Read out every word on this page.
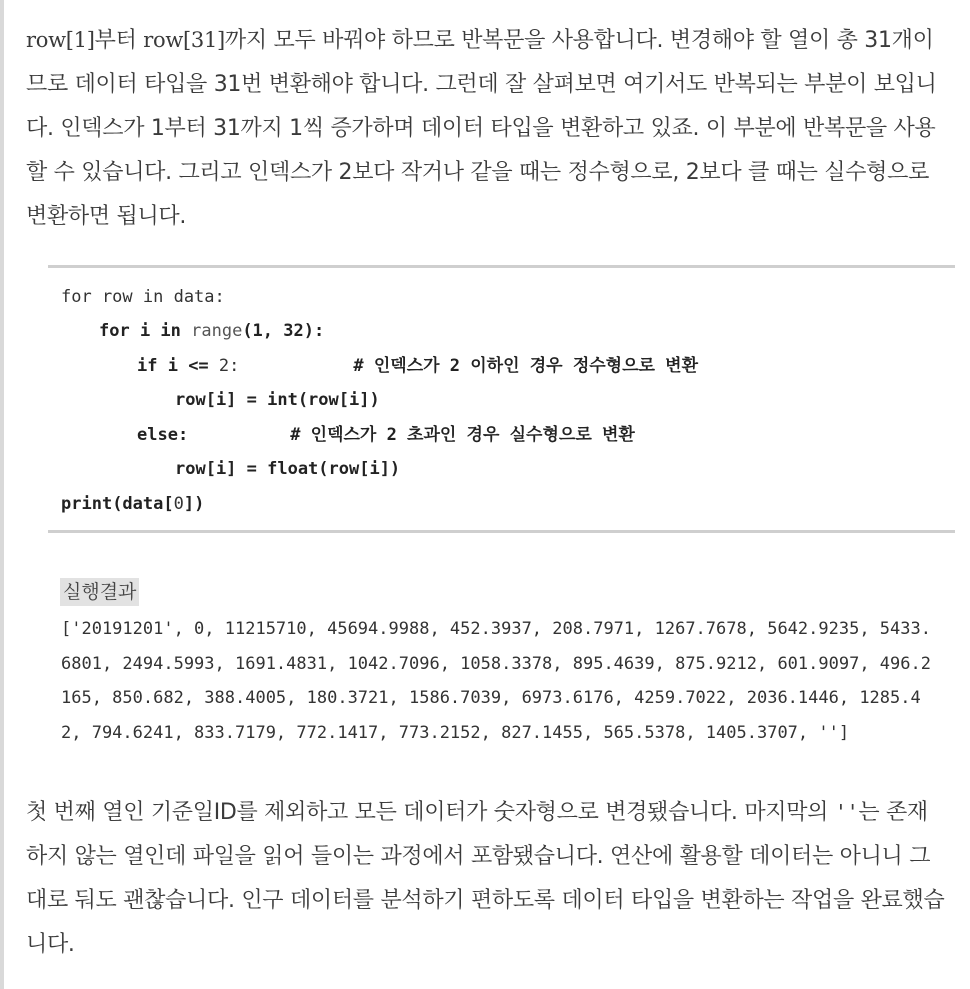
row[1]부터 row[31]까지 모두 바꿔야 하므로 반복문을 사용합니다. 변경해야 할 열이 총 31개이므로 데이터 타입을 31번 변환해야 합니다. 그런데 잘 살펴보면 여기서도 반복되는 부분이 보입니다. 인덱스가 1부터 31까지 1씩 증가하며 데이터 타입을 변환하고 있죠. 이 부분에 반복문을 사용할 수 있습니다. 그리고 인덱스가 2보다 작거나 같을 때는 정수형으로, 2보다 클 때는 실수형으로 변환하면 됩니다.

for row in data:
for i in range(1, 32):
if i <= 2:	# 인덱스가 2 이하인 경우 정수형으로 변환
row[i] = int(row[i])
else:	# 인덱스가 2 초과인 경우 실수형으로 변환
row[i] = float(row[i])
print(data[0])
실행결과
['20191201', 0, 11215710, 45694.9988, 452.3937, 208.7971, 1267.7678, 5642.9235, 5433.6801, 2494.5993, 1691.4831, 1042.7096, 1058.3378, 895.4639, 875.9212, 601.9097, 496.2165, 850.682, 388.4005, 180.3721, 1586.7039, 6973.6176, 4259.7022, 2036.1446, 1285.42, 794.6241, 833.7179, 772.1417, 773.2152, 827.1455, 565.5378, 1405.3707, '']

첫 번째 열인 기준일ID를 제외하고 모든 데이터가 숫자형으로 변경됐습니다. 마지막의 ''는 존재하지 않는 열인데 파일을 읽어 들이는 과정에서 포함됐습니다. 연산에 활용할 데이터는 아니니 그대로 둬도 괜찮습니다. 인구 데이터를 분석하기 편하도록 데이터 타입을 변환하는 작업을 완료했습니다.
